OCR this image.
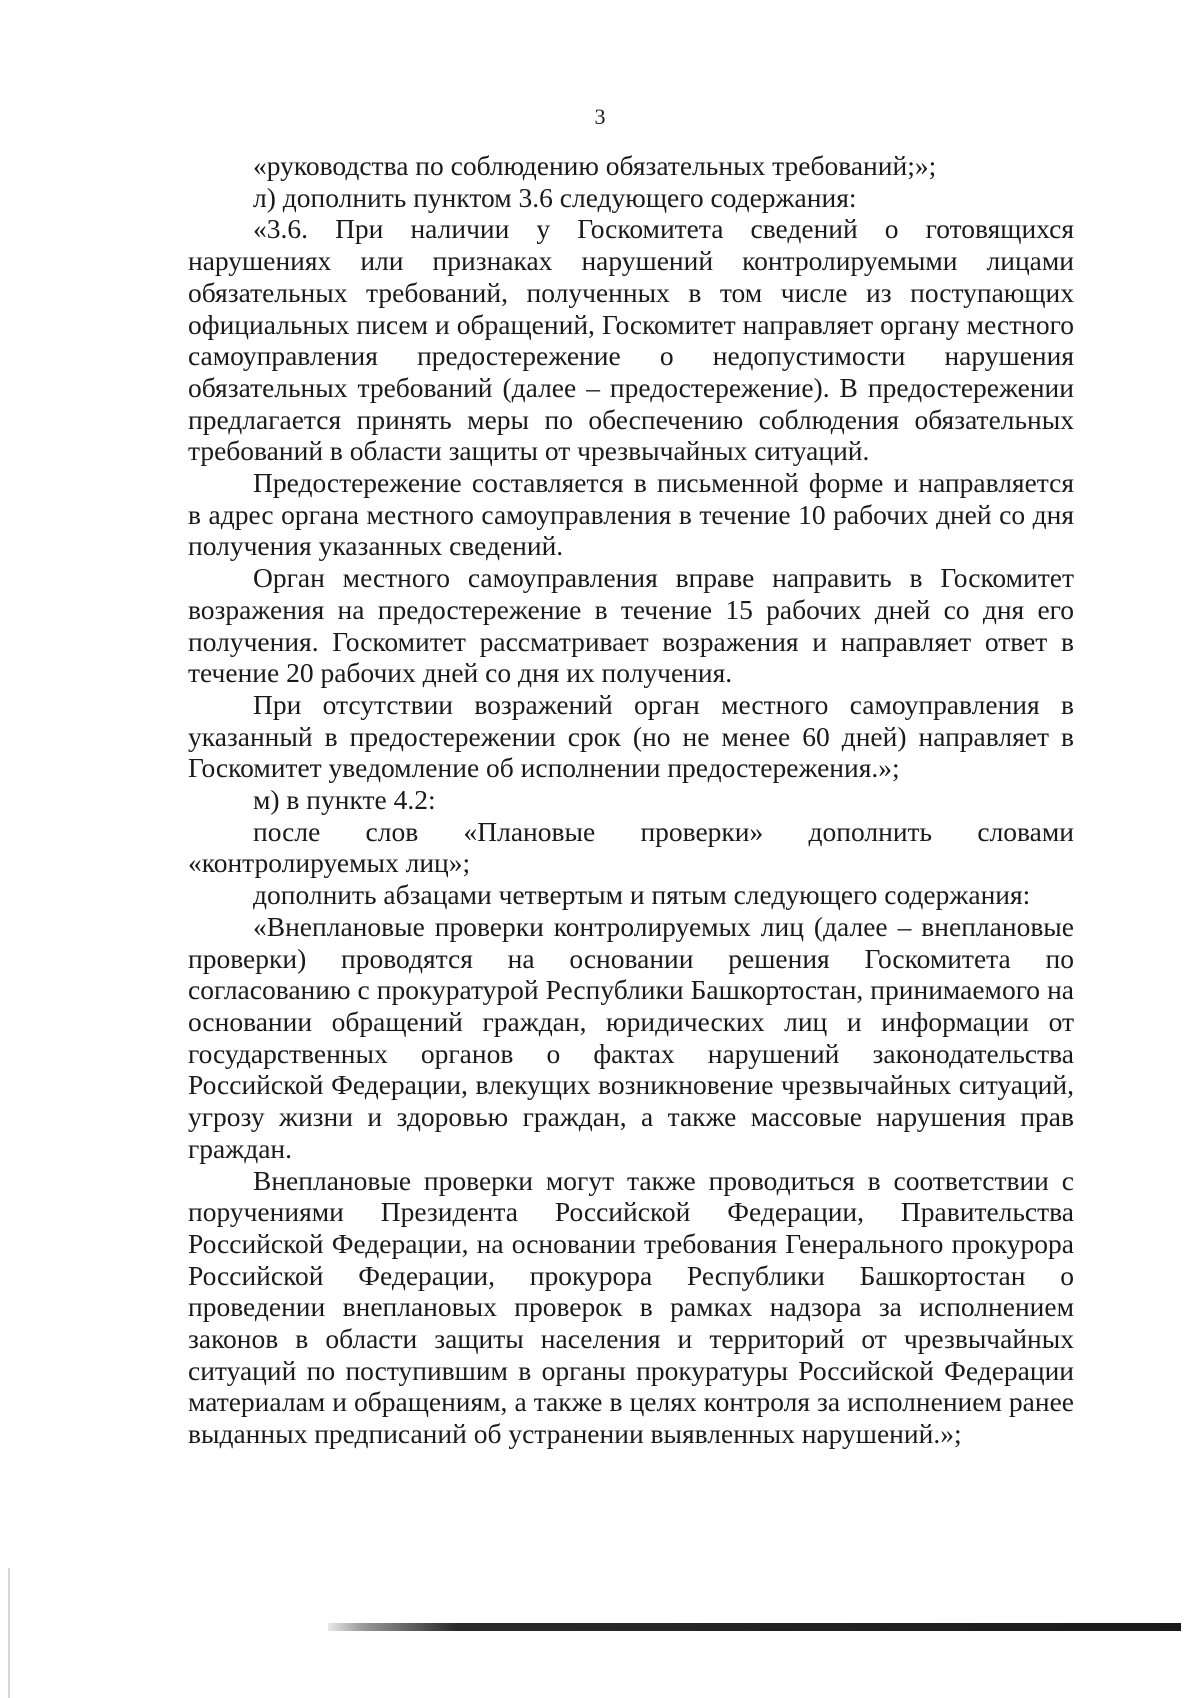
3

«руководства по соблюдению обязательных требований;»;

л) дополнить пунктом 3.6 следующего содержания:

«3.6. При наличии у Госкомитета сведений о готовящихся нарушениях или признаках нарушений контролируемыми лицами обязательных требований, полученных в том числе из поступающих официальных писем и обращений, Госкомитет направляет органу местного самоуправления предостережение о недопустимости нарушения обязательных требований (далее – предостережение). В предостережении предлагается принять меры по обеспечению соблюдения обязательных требований в области защиты от чрезвычайных ситуаций.

Предостережение составляется в письменной форме и направляется в адрес органа местного самоуправления в течение 10 рабочих дней со дня получения указанных сведений.

Орган местного самоуправления вправе направить в Госкомитет возражения на предостережение в течение 15 рабочих дней со дня его получения. Госкомитет рассматривает возражения и направляет ответ в течение 20 рабочих дней со дня их получения.

При отсутствии возражений орган местного самоуправления в указанный в предостережении срок (но не менее 60 дней) направляет в Госкомитет уведомление об исполнении предостережения.»;

м) в пункте 4.2:

после слов «Плановые проверки» дополнить словами «контролируемых лиц»;

дополнить абзацами четвертым и пятым следующего содержания:

«Внеплановые проверки контролируемых лиц (далее – внеплановые проверки) проводятся на основании решения Госкомитета по согласованию с прокуратурой Республики Башкортостан, принимаемого на основании обращений граждан, юридических лиц и информации от государственных органов о фактах нарушений законодательства Российской Федерации, влекущих возникновение чрезвычайных ситуаций, угрозу жизни и здоровью граждан, а также массовые нарушения прав граждан.

Внеплановые проверки могут также проводиться в соответствии с поручениями Президента Российской Федерации, Правительства Российской Федерации, на основании требования Генерального прокурора Российской Федерации, прокурора Республики Башкортостан о проведении внеплановых проверок в рамках надзора за исполнением законов в области защиты населения и территорий от чрезвычайных ситуаций по поступившим в органы прокуратуры Российской Федерации материалам и обращениям, а также в целях контроля за исполнением ранее выданных предписаний об устранении выявленных нарушений.»;
